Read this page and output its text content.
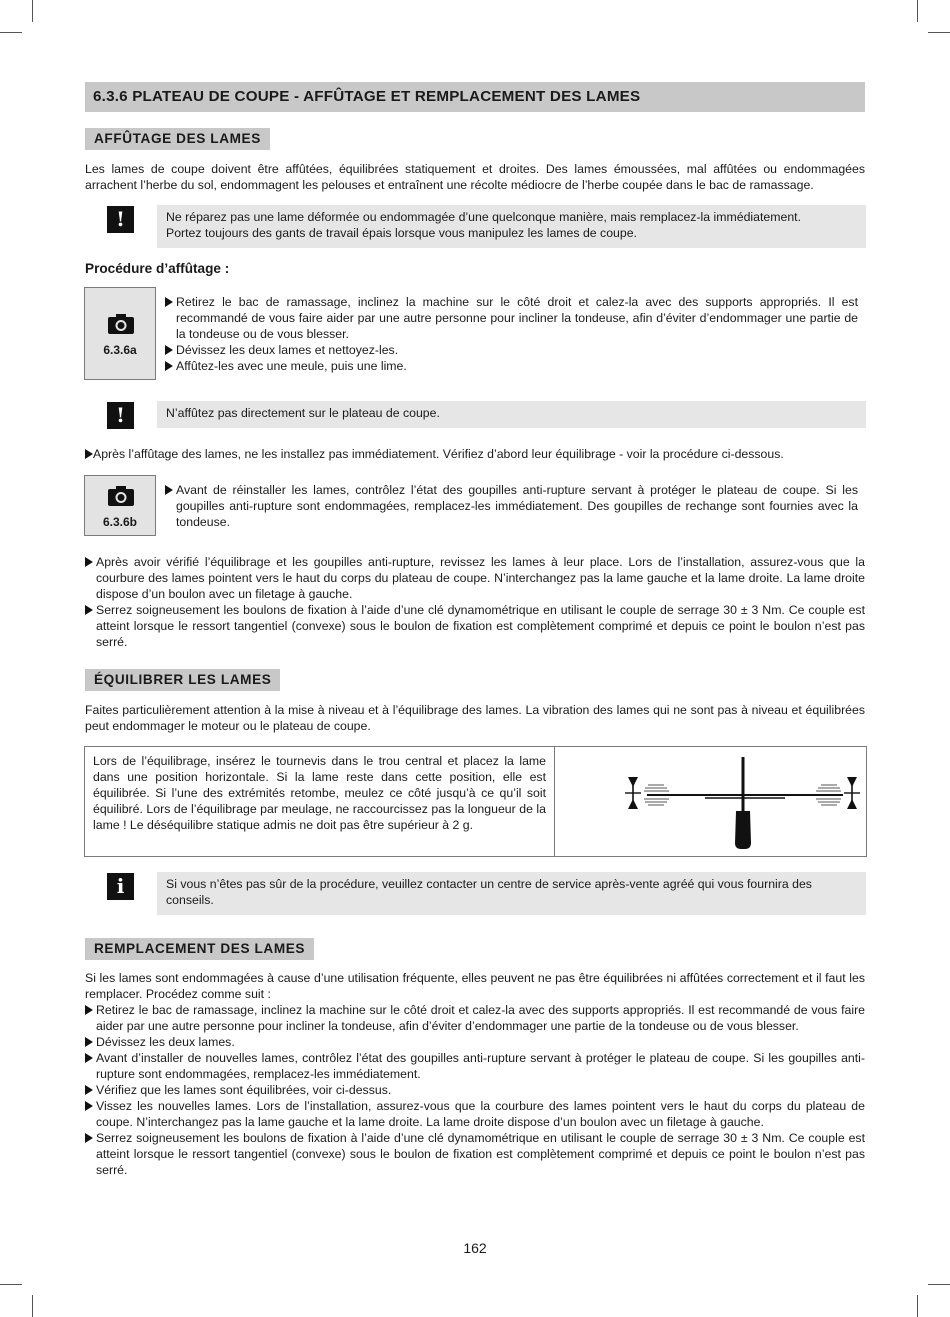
6.3.6 PLATEAU DE COUPE - AFFÛTAGE ET REMPLACEMENT DES LAMES
AFFÛTAGE DES LAMES

Les lames de coupe doivent être affûtées, équilibrées statiquement et droites. Des lames émoussées, mal affûtées ou endommagées arrachent l’herbe du sol, endommagent les pelouses et entraînent une récolte médiocre de l’herbe coupée dans le bac de ramassage.

!	Ne réparez pas une lame déformée ou endommagée d’une quelconque manière, mais remplacez-la immédiatement.
Portez toujours des gants de travail épais lorsque vous manipulez les lames de coupe.
Procédure d’affûtage :
6.3.6a
Retirez le bac de ramassage, inclinez la machine sur le côté droit et calez-la avec des supports appropriés. Il est recommandé de vous faire aider par une autre personne pour incliner la tondeuse, afin d’éviter d’endommager une partie de la tondeuse ou de vous blesser.
Dévissez les deux lames et nettoyez-les.
Affûtez-les avec une meule, puis une lime.
!	N’affûtez pas directement sur le plateau de coupe.
Après l’affûtage des lames, ne les installez pas immédiatement. Vérifiez d’abord leur équilibrage - voir la procédure ci-dessous.
6.3.6b
Avant de réinstaller les lames, contrôlez l’état des goupilles anti-rupture servant à protéger le plateau de coupe. Si les goupilles anti-rupture sont endommagées, remplacez-les immédiatement. Des goupilles de rechange sont fournies avec la tondeuse.
Après avoir vérifié l’équilibrage et les goupilles anti-rupture, revissez les lames à leur place. Lors de l’installation, assurez-vous que la courbure des lames pointent vers le haut du corps du plateau de coupe. N’interchangez pas la lame gauche et la lame droite. La lame droite dispose d’un boulon avec un filetage à gauche.
Serrez soigneusement les boulons de fixation à l’aide d’une clé dynamométrique en utilisant le couple de serrage 30 ± 3 Nm. Ce couple est atteint lorsque le ressort tangentiel (convexe) sous le boulon de fixation est complètement comprimé et depuis ce point le boulon n’est pas serré.
ÉQUILIBRER LES LAMES

Faites particulièrement attention à la mise à niveau et à l’équilibrage des lames. La vibration des lames qui ne sont pas à niveau et équilibrées peut endommager le moteur ou le plateau de coupe.

Lors de l’équilibrage, insérez le tournevis dans le trou central et placez la lame dans une position horizontale. Si la lame reste dans cette position, elle est équilibrée. Si l’une des extrémités retombe, meulez ce côté jusqu’à ce qu’il soit équilibré. Lors de l’équilibrage par meulage, ne raccourcissez pas la longueur de la lame ! Le déséquilibre statique admis ne doit pas être supérieur à 2 g.

i	Si vous n’êtes pas sûr de la procédure, veuillez contacter un centre de service après-vente agréé qui vous fournira des conseils.
REMPLACEMENT DES LAMES

Si les lames sont endommagées à cause d’une utilisation fréquente, elles peuvent ne pas être équilibrées ni affûtées correctement et il faut les remplacer. Procédez comme suit :

Retirez le bac de ramassage, inclinez la machine sur le côté droit et calez-la avec des supports appropriés. Il est recommandé de vous faire aider par une autre personne pour incliner la tondeuse, afin d’éviter d’endommager une partie de la tondeuse ou de vous blesser.
Dévissez les deux lames.
Avant d’installer de nouvelles lames, contrôlez l’état des goupilles anti-rupture servant à protéger le plateau de coupe. Si les goupilles anti-rupture sont endommagées, remplacez-les immédiatement.
Vérifiez que les lames sont équilibrées, voir ci-dessus.
Vissez les nouvelles lames. Lors de l’installation, assurez-vous que la courbure des lames pointent vers le haut du corps du plateau de coupe. N’interchangez pas la lame gauche et la lame droite. La lame droite dispose d’un boulon avec un filetage à gauche.
Serrez soigneusement les boulons de fixation à l’aide d’une clé dynamométrique en utilisant le couple de serrage 30 ± 3 Nm. Ce couple est atteint lorsque le ressort tangentiel (convexe) sous le boulon de fixation est complètement comprimé et depuis ce point le boulon n’est pas serré.
162
